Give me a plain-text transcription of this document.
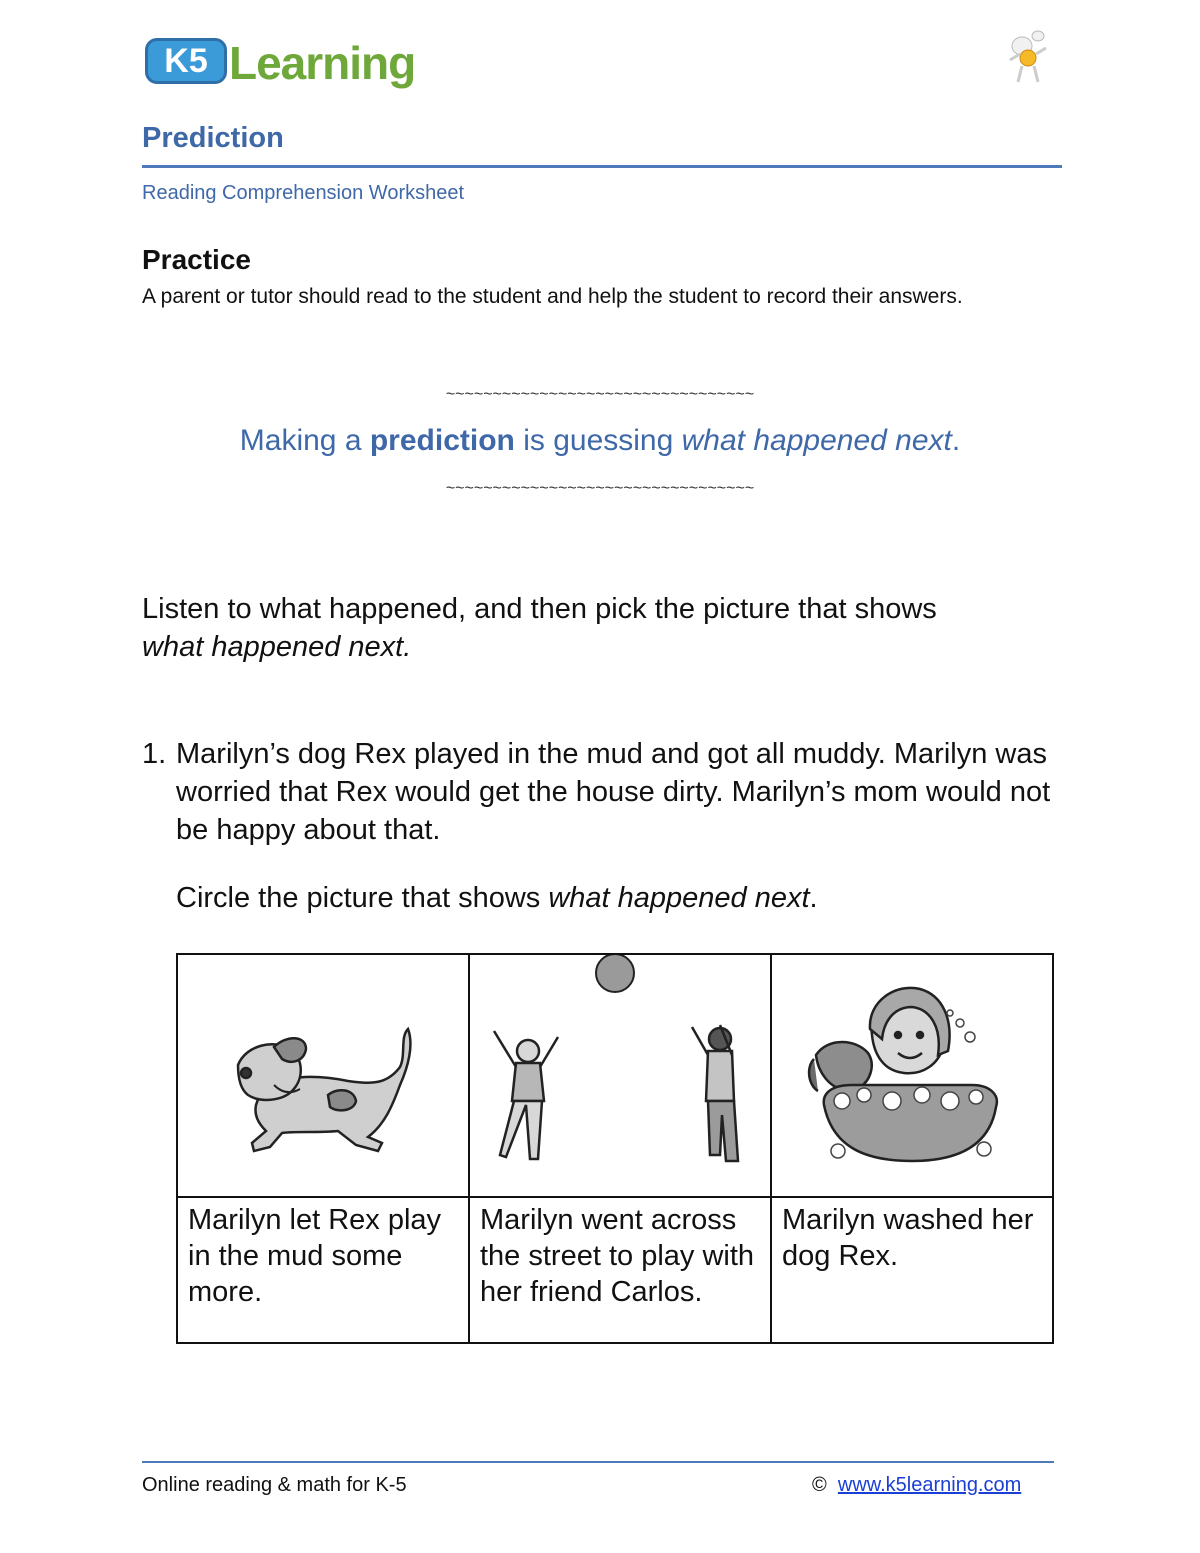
K5 Learning
Prediction
Reading Comprehension Worksheet
Practice
A parent or tutor should read to the student and help the student to record their answers.
~~~~~~~~~~~~~~~~~~~~~~~~~~~~~~~~~
Making a prediction is guessing what happened next.
~~~~~~~~~~~~~~~~~~~~~~~~~~~~~~~~~
Listen to what happened, and then pick the picture that shows
what happened next.
1. Marilyn’s dog Rex played in the mud and got all muddy. Marilyn was worried that Rex would get the house dirty. Marilyn’s mom would not be happy about that.
Circle the picture that shows what happened next.

Marilyn let Rex play in the mud some more.	Marilyn went across the street to play with her friend Carlos.	Marilyn washed her dog Rex.
Online reading & math for K-5	© www.k5learning.com
